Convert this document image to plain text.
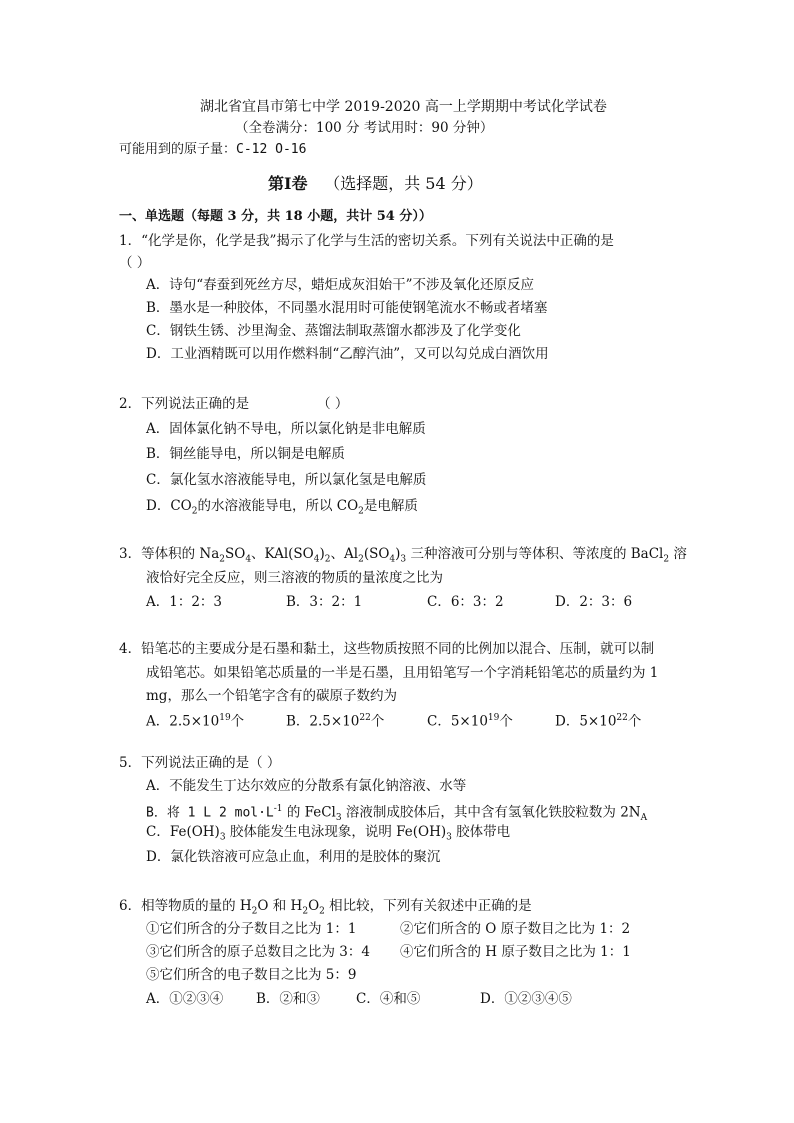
湖北省宜昌市第七中学 2019-2020 高一上学期期中考试化学试卷
（全卷满分：100 分 考试用时：90 分钟）
可能用到的原子量：C-12 O-16
第Ⅰ卷 （选择题，共 54 分）
一、单选题（每题 3 分，共 18 小题，共计 54 分））
1．“化学是你，化学是我”揭示了化学与生活的密切关系。下列有关说法中正确的是
（ ）
A．诗句“春蚕到死丝方尽，蜡炬成灰泪始干”不涉及氧化还原反应
B．墨水是一种胶体，不同墨水混用时可能使钢笔流水不畅或者堵塞
C．钢铁生锈、沙里淘金、蒸馏法制取蒸馏水都涉及了化学变化
D．工业酒精既可以用作燃料制“乙醇汽油”，又可以勾兑成白酒饮用
2．下列说法正确的是	（ ）
A．固体氯化钠不导电，所以氯化钠是非电解质
B．铜丝能导电，所以铜是电解质
C．氯化氢水溶液能导电，所以氯化氢是电解质
D．$CO_2$的水溶液能导电，所以 $CO_2$是电解质
3．等体积的 $Na_2SO_4$、$KAl(SO_4)_2$、$Al_2(SO_4)_3$ 三种溶液可分别与等体积、等浓度的 BaCl$_2$ 溶
液恰好完全反应，则三溶液的物质的量浓度之比为
A．1：2：3	B．3：2：1	C．6：3：2	D．2：3：6
4．铅笔芯的主要成分是石墨和黏土，这些物质按照不同的比例加以混合、压制，就可以制
成铅笔芯。如果铅笔芯质量的一半是石墨，且用铅笔写一个字消耗铅笔芯的质量约为 1
mg，那么一个铅笔字含有的碳原子数约为
A．$2.5\times 10^{19}$个	B．$2.5\times 10^{22}$个	C．$5\times 10^{19}$个	D．$5\times 10^{22}$个
5．下列说法正确的是（ ）
A．不能发生丁达尔效应的分散系有氯化钠溶液、水等
B．将 1 L 2 $mol\cdot L^{-1}$ 的 FeCl$_3$ 溶液制成胶体后，其中含有氢氧化铁胶粒数为 $2N_A$
C．$Fe(OH)_3$ 胶体能发生电泳现象，说明 $Fe(OH)_3$ 胶体带电
D．氯化铁溶液可应急止血，利用的是胶体的聚沉
6．相等物质的量的 $H_2O$ 和 $H_2O_2$ 相比较，下列有关叙述中正确的是
①它们所含的分子数目之比为 1：1	②它们所含的 O 原子数目之比为 1：2
③它们所含的原子总数目之比为 3：4 ④它们所含的 H 原子数目之比为 1：1
⑤它们所含的电子数目之比为 5：9
A．①②③④ B．②和③	C．④和⑤	D．①②③④⑤
